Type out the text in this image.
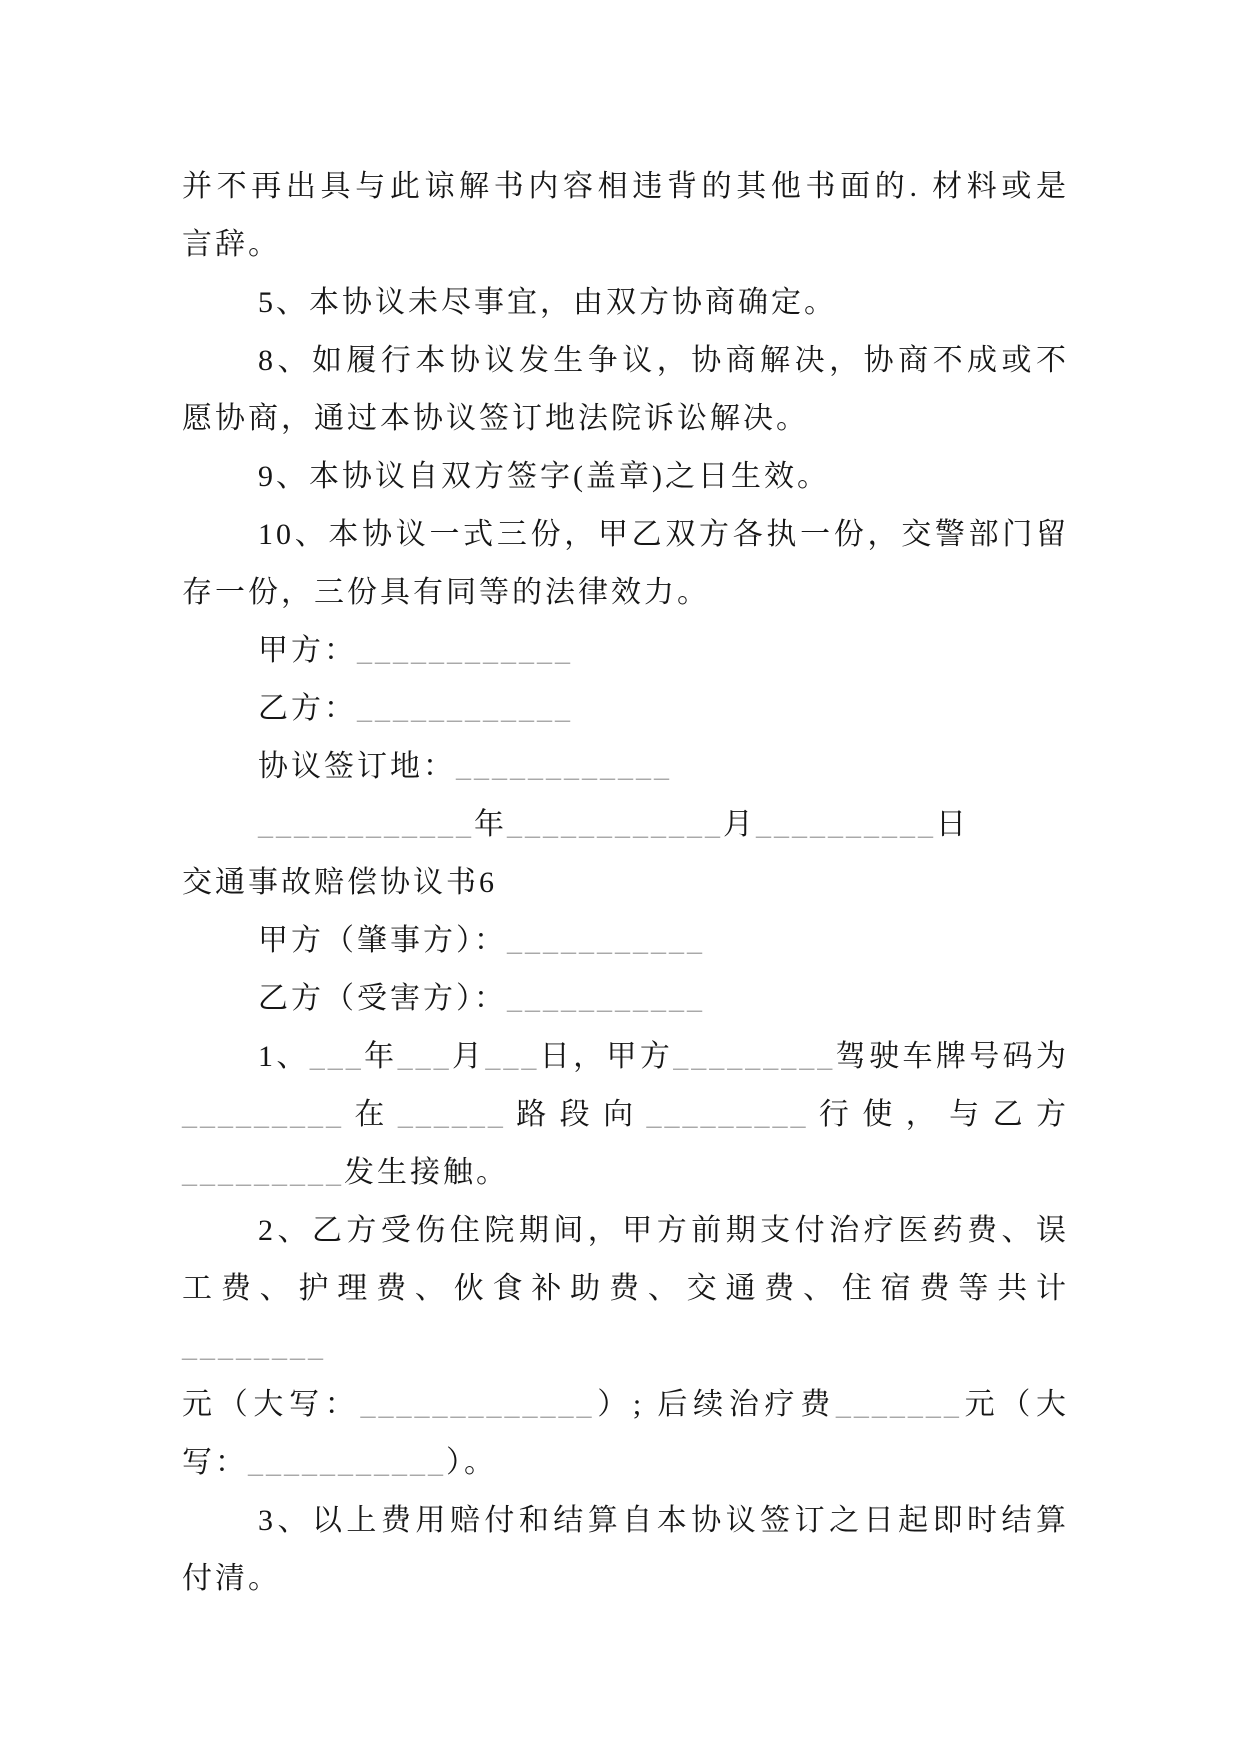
并不再出具与此谅解书内容相违背的其他书面的. 材料或是

言辞。

5、本协议未尽事宜，由双方协商确定。

8、如履行本协议发生争议，协商解决，协商不成或不

愿协商，通过本协议签订地法院诉讼解决。

9、本协议自双方签字(盖章)之日生效。

10、本协议一式三份，甲乙双方各执一份，交警部门留

存一份，三份具有同等的法律效力。

甲方：____________

乙方：____________

协议签订地：____________

____________年____________月__________日

交通事故赔偿协议书6

甲方（肇事方）：___________

乙方（受害方）：___________

1、___年___月___日，甲方_________驾驶车牌号码为

_________在______路段向_________行使，与乙方

_________发生接触。

2、乙方受伤住院期间，甲方前期支付治疗医药费、误

工费、护理费、伙食补助费、交通费、住宿费等共计________

元（大写：_____________）; 后续治疗费_______元（大

写：___________）。

3、以上费用赔付和结算自本协议签订之日起即时结算

付清。
